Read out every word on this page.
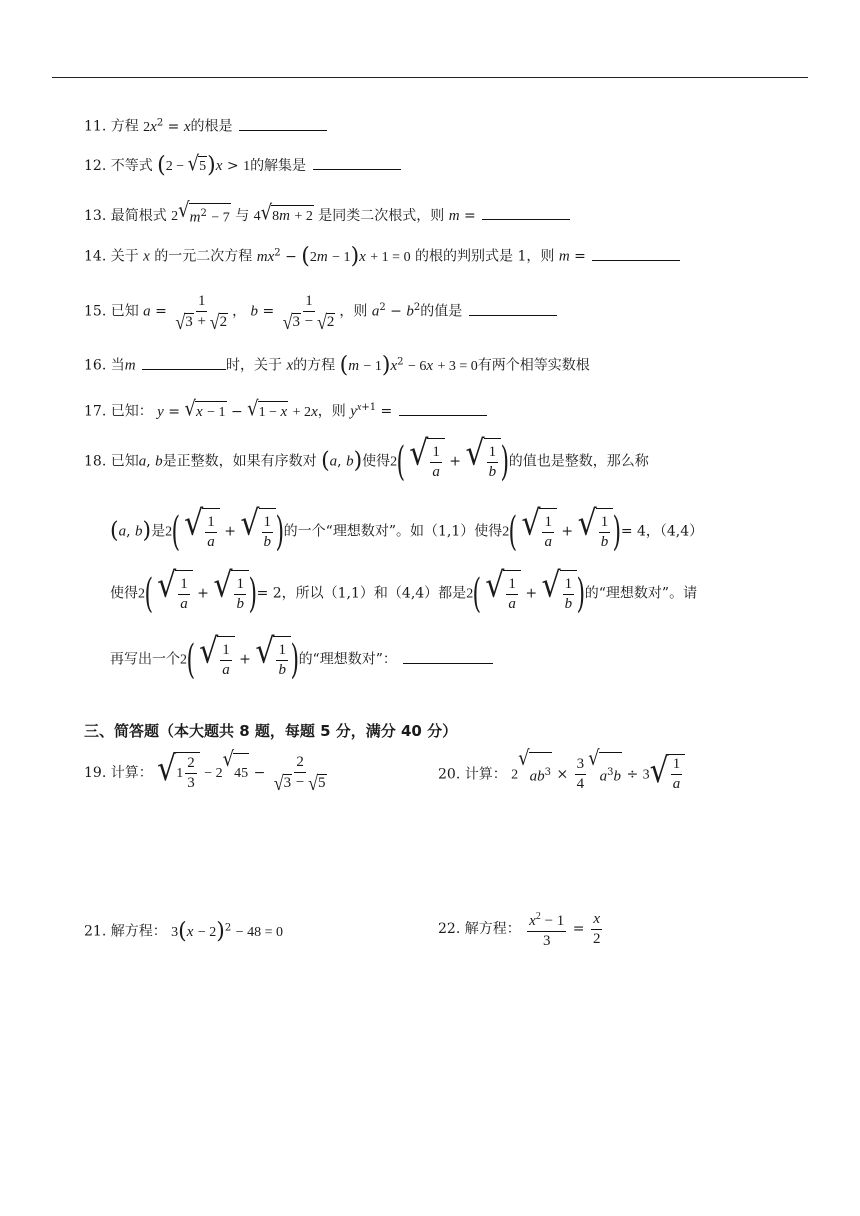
11. 方程 $2x^2 = x$的根是
12. 不等式 (2 − √ 5 )x > 1的解集是
13. 最简根式 2 √ $m^2 - 7$ 与 4 √ 8m + 2 是同类二次根式，则 m =
14. 关于 x 的一元二次方程 $mx^2 - (2m - 1)x + 1 = 0$ 的根的判别式是 1，则 m =
15. 已知 $a = \frac{1}{√ 3 + √ 2}$ ， $b = \frac{1}{√ 3 - √ 2}$ ，则 $a^2 - b^2$的值是
16. 当m	时，关于 x的方程 $(m - 1)x^2 - 6x + 3 = 0$有两个相等实数根
17. 已知： y = √ x − 1 − √ 1 − x + 2x，则 $y^{x+1}$ =
18. 已知a, b是正整数，如果有序数对 (a, b)使得2( √ $\frac{1}{a}$ + √ $\frac{1}{b}$ )的值也是整数，那么称
(a, b)是2( √ $\frac{1}{a}$ + √ $\frac{1}{b}$ )的一个“理想数对”。如（1,1）使得2( √ $\frac{1}{a}$ + √ $\frac{1}{b}$ )= 4，（4,4）
使得2( √ $\frac{1}{a}$ + √ $\frac{1}{b}$ )= 2，所以（1,1）和（4,4）都是2( √ $\frac{1}{a}$ + √ $\frac{1}{b}$ )的“理想数对”。请
再写出一个2( √ $\frac{1}{a}$ + √ $\frac{1}{b}$ )的“理想数对”：
三、简答题（本大题共 8 题，每题 5 分，满分 40 分）
19. 计算： √ $1 \frac{2}{3} - 2$
√
$45 - \frac{2}{√ 3 - √ 5}$	20. 计算： 2
√
$ab^3 \times \frac{3}{4}$ √
$a^3b \div 3$ √ $\frac{1}{a}$
21. 解方程： $3(x - 2)^2 - 48 = 0$	22. 解方程： $\frac{x^2 - 1}{3} = \frac{x}{2}$
